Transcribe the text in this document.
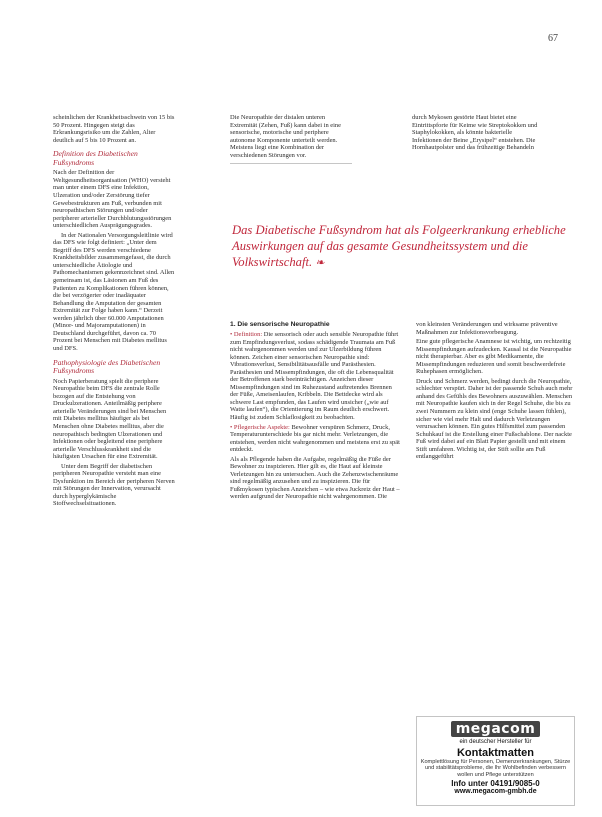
67

scheinlichen der Krankheitsschwein von 15 bis 50 Prozent. Hingegen steigt das Erkrankungsrisiko um die Zahlen, Alter deutlich auf 5 bis 10 Prozent an.

Definition des Diabetischen Fußsyndroms

Nach der Definition der Weltgesundheitsorganisation (WHO) versteht man unter einem DFS eine Infektion, Ulzeration und/oder Zerstörung tiefer Gewebestrukturen am Fuß, verbunden mit neuropathischen Störungen und/oder peripherer arterieller Durchblutungsstörungen unterschiedlichen Ausprägungsgrades.

In der Nationalen Versorgungsleitlinie wird das DFS wie folgt definiert: „Unter dem Begriff des DFS werden verschiedene Krankheitsbilder zusammengefasst, die durch unterschiedliche Ätiologie und Pathomechanismen gekennzeichnet sind. Allen gemeinsam ist, das Läsionen am Fuß des Patienten zu Komplikationen führen können, die bei verzögerter oder inadäquater Behandlung die Amputation der gesamten Extremität zur Folge haben kann.“ Derzeit werden jährlich über 60.000 Amputationen (Minor- und Majoramputationen) in Deutschland durchgeführt, davon ca. 70 Prozent bei Menschen mit Diabetes mellitus und DFS.

Pathophysiologie des Diabetischen Fußsyndroms

Noch Papierberatung spielt die periphere Neuropathie beim DFS die zentrale Rolle bezogen auf die Entstehung von Druckulzerationen. Anteilmäßig periphere arterielle Veränderungen sind bei Menschen mit Diabetes mellitus häufiger als bei Menschen ohne Diabetes mellitus, aber die neuropathisch bedingten Ulzerationen und Infektionen oder begleitend eine periphere arterielle Verschlusskrankheit sind die häufigsten Ursachen für eine Extremität.

Unter dem Begriff der diabetischen peripheren Neuropathie versteht man eine Dysfunktion im Bereich der peripheren Nerven mit Störungen der Innervation, verursacht durch hyperglykämische Stoffwechselsituationen.

Die Neuropathie der distalen unteren Extremität (Zehen, Fuß) kann dabei in eine sensorische, motorische und periphere autonome Komponente unterteilt werden. Meistens liegt eine Kombination der verschiedenen Störungen vor.

durch Mykosen gestörte Haut bietet eine Eintrittspforte für Keime wie Streptokokken und Staphylokokken, als könnte bakterielle Infektionen der Beine „Erysipel“ entstehen. Die Hornhautpolster und das frühzeitige Behandeln

Das Diabetische Fußsyndrom hat als Folgeerkrankung erhebliche Auswirkungen auf das gesamte Gesundheitssystem und die Volkswirtschaft. ❧
1. Die sensorische Neuropathie

• Definition: Die sensorisch oder auch sensible Neuropathie führt zum Empfindungsverlust, sodass schädigende Traumata am Fuß nicht wahrgenommen werden und zur Ulzerbildung führen können. Zeichen einer sensorischen Neuropathie sind: Vibrationsverlust, Sensibilitätsausfälle und Parästhesien. Parästhesien und Missempfindungen, die oft die Lebensqualität der Betroffenen stark beeinträchtigen. Anzeichen dieser Missempfindungen sind im Ruhezustand auftretendes Brennen der Füße, Ameisenlaufen, Kribbeln. Die Bettdecke wird als schwere Last empfunden, das Laufen wird unsicher („wie auf Watte laufen“), die Orientierung im Raum deutlich erschwert. Häufig ist zudem Schlaflosigkeit zu beobachten.

• Pflegerische Aspekte: Bewohner verspüren Schmerz, Druck, Temperaturunterschiede bis gar nicht mehr. Verletzungen, die entstehen, werden nicht wahrgenommen und meistens erst zu spät entdeckt.

Als als Pflegende haben die Aufgabe, regelmäßig die Füße der Bewohner zu inspizieren. Hier gilt es, die Haut auf kleinste Verletzungen hin zu untersuchen. Auch die Zehenzwischenräume sind regelmäßig anzusehen und zu inspizieren. Die für Fußmykosen typischen Anzeichen – wie etwa Juckreiz der Haut – werden aufgrund der Neuropathie nicht wahrgenommen. Die

von kleinsten Veränderungen und wirksame präventive Maßnahmen zur Infektionsvorbeugung.

Eine gute pflegerische Anamnese ist wichtig, um rechtzeitig Missempfindungen aufzudecken. Kausal ist die Neuropathie nicht therapierbar. Aber es gibt Medikamente, die Missempfindungen reduzieren und somit beschwerdefreie Ruhephasen ermöglichen.

Druck und Schmerz werden, bedingt durch die Neuropathie, schlechter verspürt. Daher ist der passende Schuh auch mehr anhand des Gefühls des Bewohners auszuwählen. Menschen mit Neuropathie kaufen sich in der Regel Schuhe, die bis zu zwei Nummern zu klein sind (enge Schuhe lassen fühlen), sicher wie viel mehr Halt und dadurch Verletzungen verursachen können. Ein gutes Hilfsmittel zum passenden Schuhkauf ist die Erstellung einer Fußschablone. Der nackte Fuß wird dabei auf ein Blatt Papier gestellt und mit einem Stift umfahren. Wichtig ist, der Stift sollte am Fuß entlanggeführt

megacom
ein deutscher Hersteller für
Kontaktmatten
Komplettlösung für Personen, Demenzerkrankungen, Stürze und stabilitätsprobleme, die Ihr Wohlbefinden verbessern wollen und Pflege unterstützen
Info unter 04191/9085-0
www.megacom-gmbh.de
